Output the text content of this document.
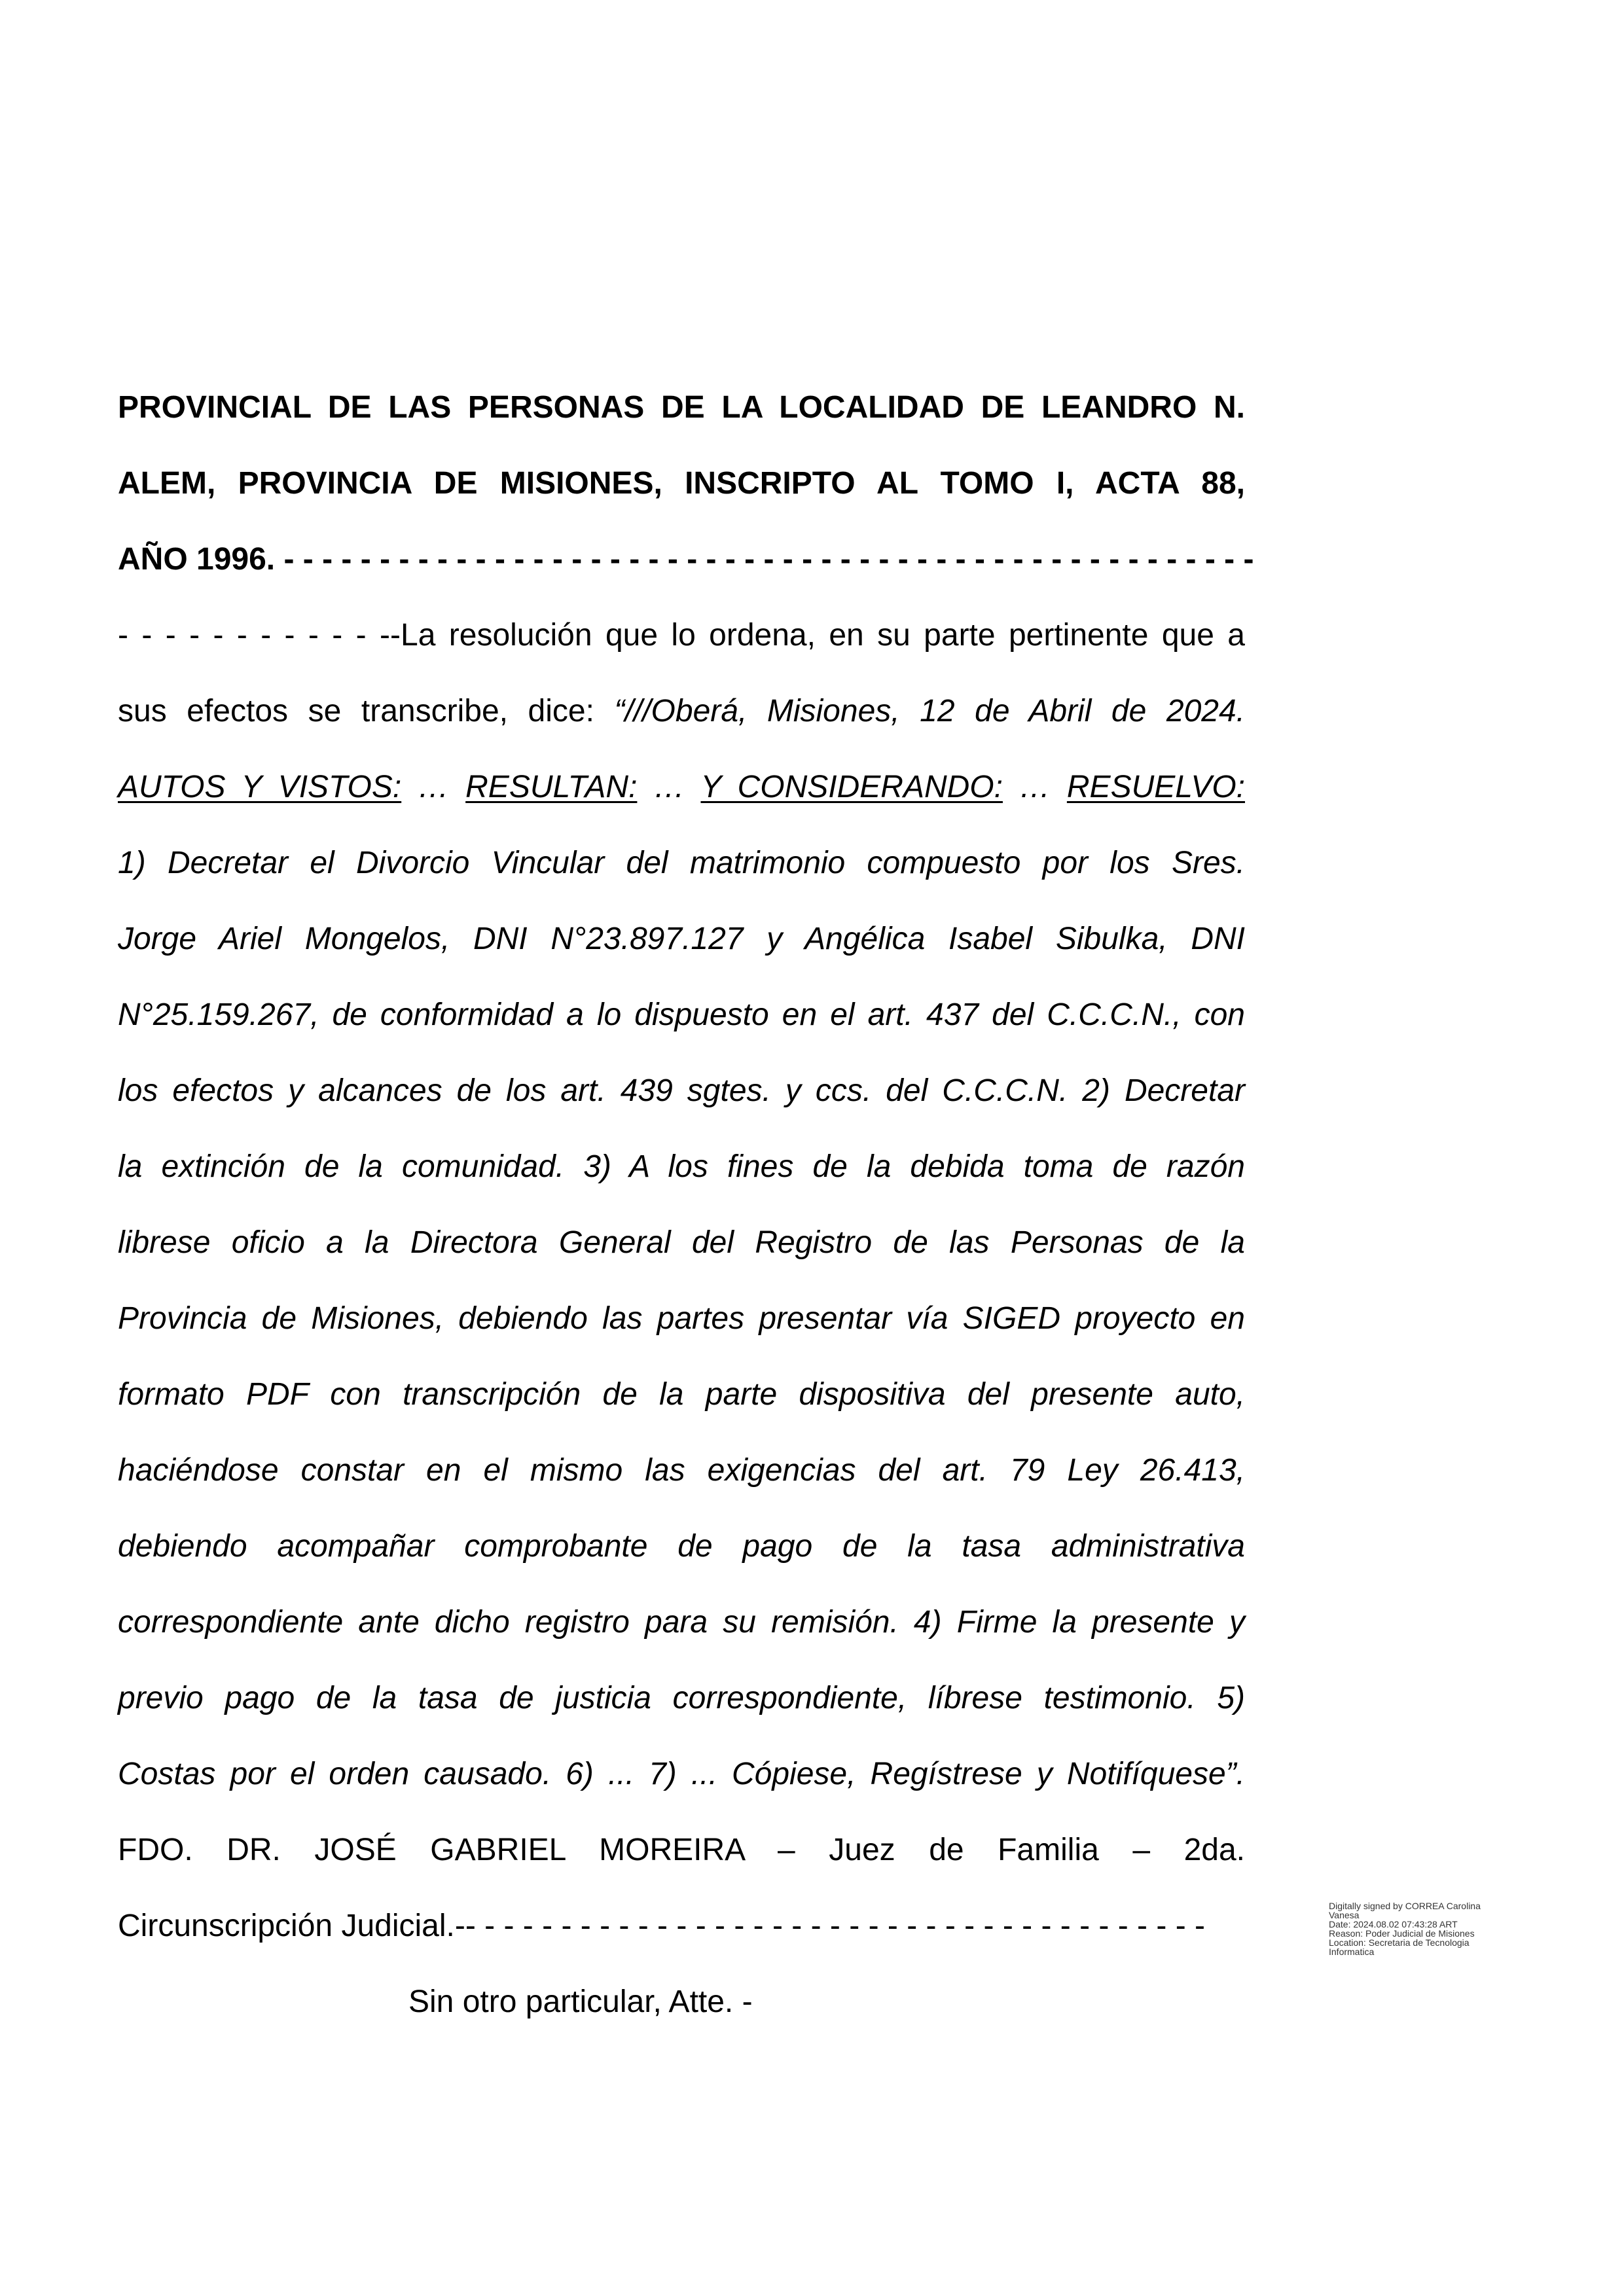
PROVINCIAL DE LAS PERSONAS DE LA LOCALIDAD DE LEANDRO N.
ALEM, PROVINCIA DE MISIONES, INSCRIPTO AL TOMO I, ACTA 88,
AÑO 1996. - - - - - - - - - - - - - - - - - - - - - - - - - - - - - - - - - - - - - - - - - - - - - - - - - - -
- - - - - - - - - - - --La resolución que lo ordena, en su parte pertinente que a
sus efectos se transcribe, dice: “///Oberá, Misiones, 12 de Abril de 2024.
AUTOS Y VISTOS: … RESULTAN: … Y CONSIDERANDO: … RESUELVO:
1) Decretar el Divorcio Vincular del matrimonio compuesto por los Sres.
Jorge Ariel Mongelos, DNI N°23.897.127 y Angélica Isabel Sibulka, DNI
N°25.159.267, de conformidad a lo dispuesto en el art. 437 del C.C.C.N., con
los efectos y alcances de los art. 439 sgtes. y ccs. del C.C.C.N. 2) Decretar
la extinción de la comunidad. 3) A los fines de la debida toma de razón
librese oficio a la Directora General del Registro de las Personas de la
Provincia de Misiones, debiendo las partes presentar vía SIGED proyecto en
formato PDF con transcripción de la parte dispositiva del presente auto,
haciéndose constar en el mismo las exigencias del art. 79 Ley 26.413,
debiendo acompañar comprobante de pago de la tasa administrativa
correspondiente ante dicho registro para su remisión. 4) Firme la presente y
previo pago de la tasa de justicia correspondiente, líbrese testimonio. 5)
Costas por el orden causado. 6) ... 7) ... Cópiese, Regístrese y Notifíquese”.
FDO. DR. JOSÉ GABRIEL MOREIRA – Juez de Familia – 2da.
Circunscripción Judicial.-- - - - - - - - - - - - - - - - - - - - - - - - - - - - - - - - - - - - - - -
Sin otro particular, Atte. -
Digitally signed by CORREA Carolina
Vanesa
Date: 2024.08.02 07:43:28 ART
Reason: Poder Judicial de Misiones
Location: Secretaria de Tecnologia
Informatica
